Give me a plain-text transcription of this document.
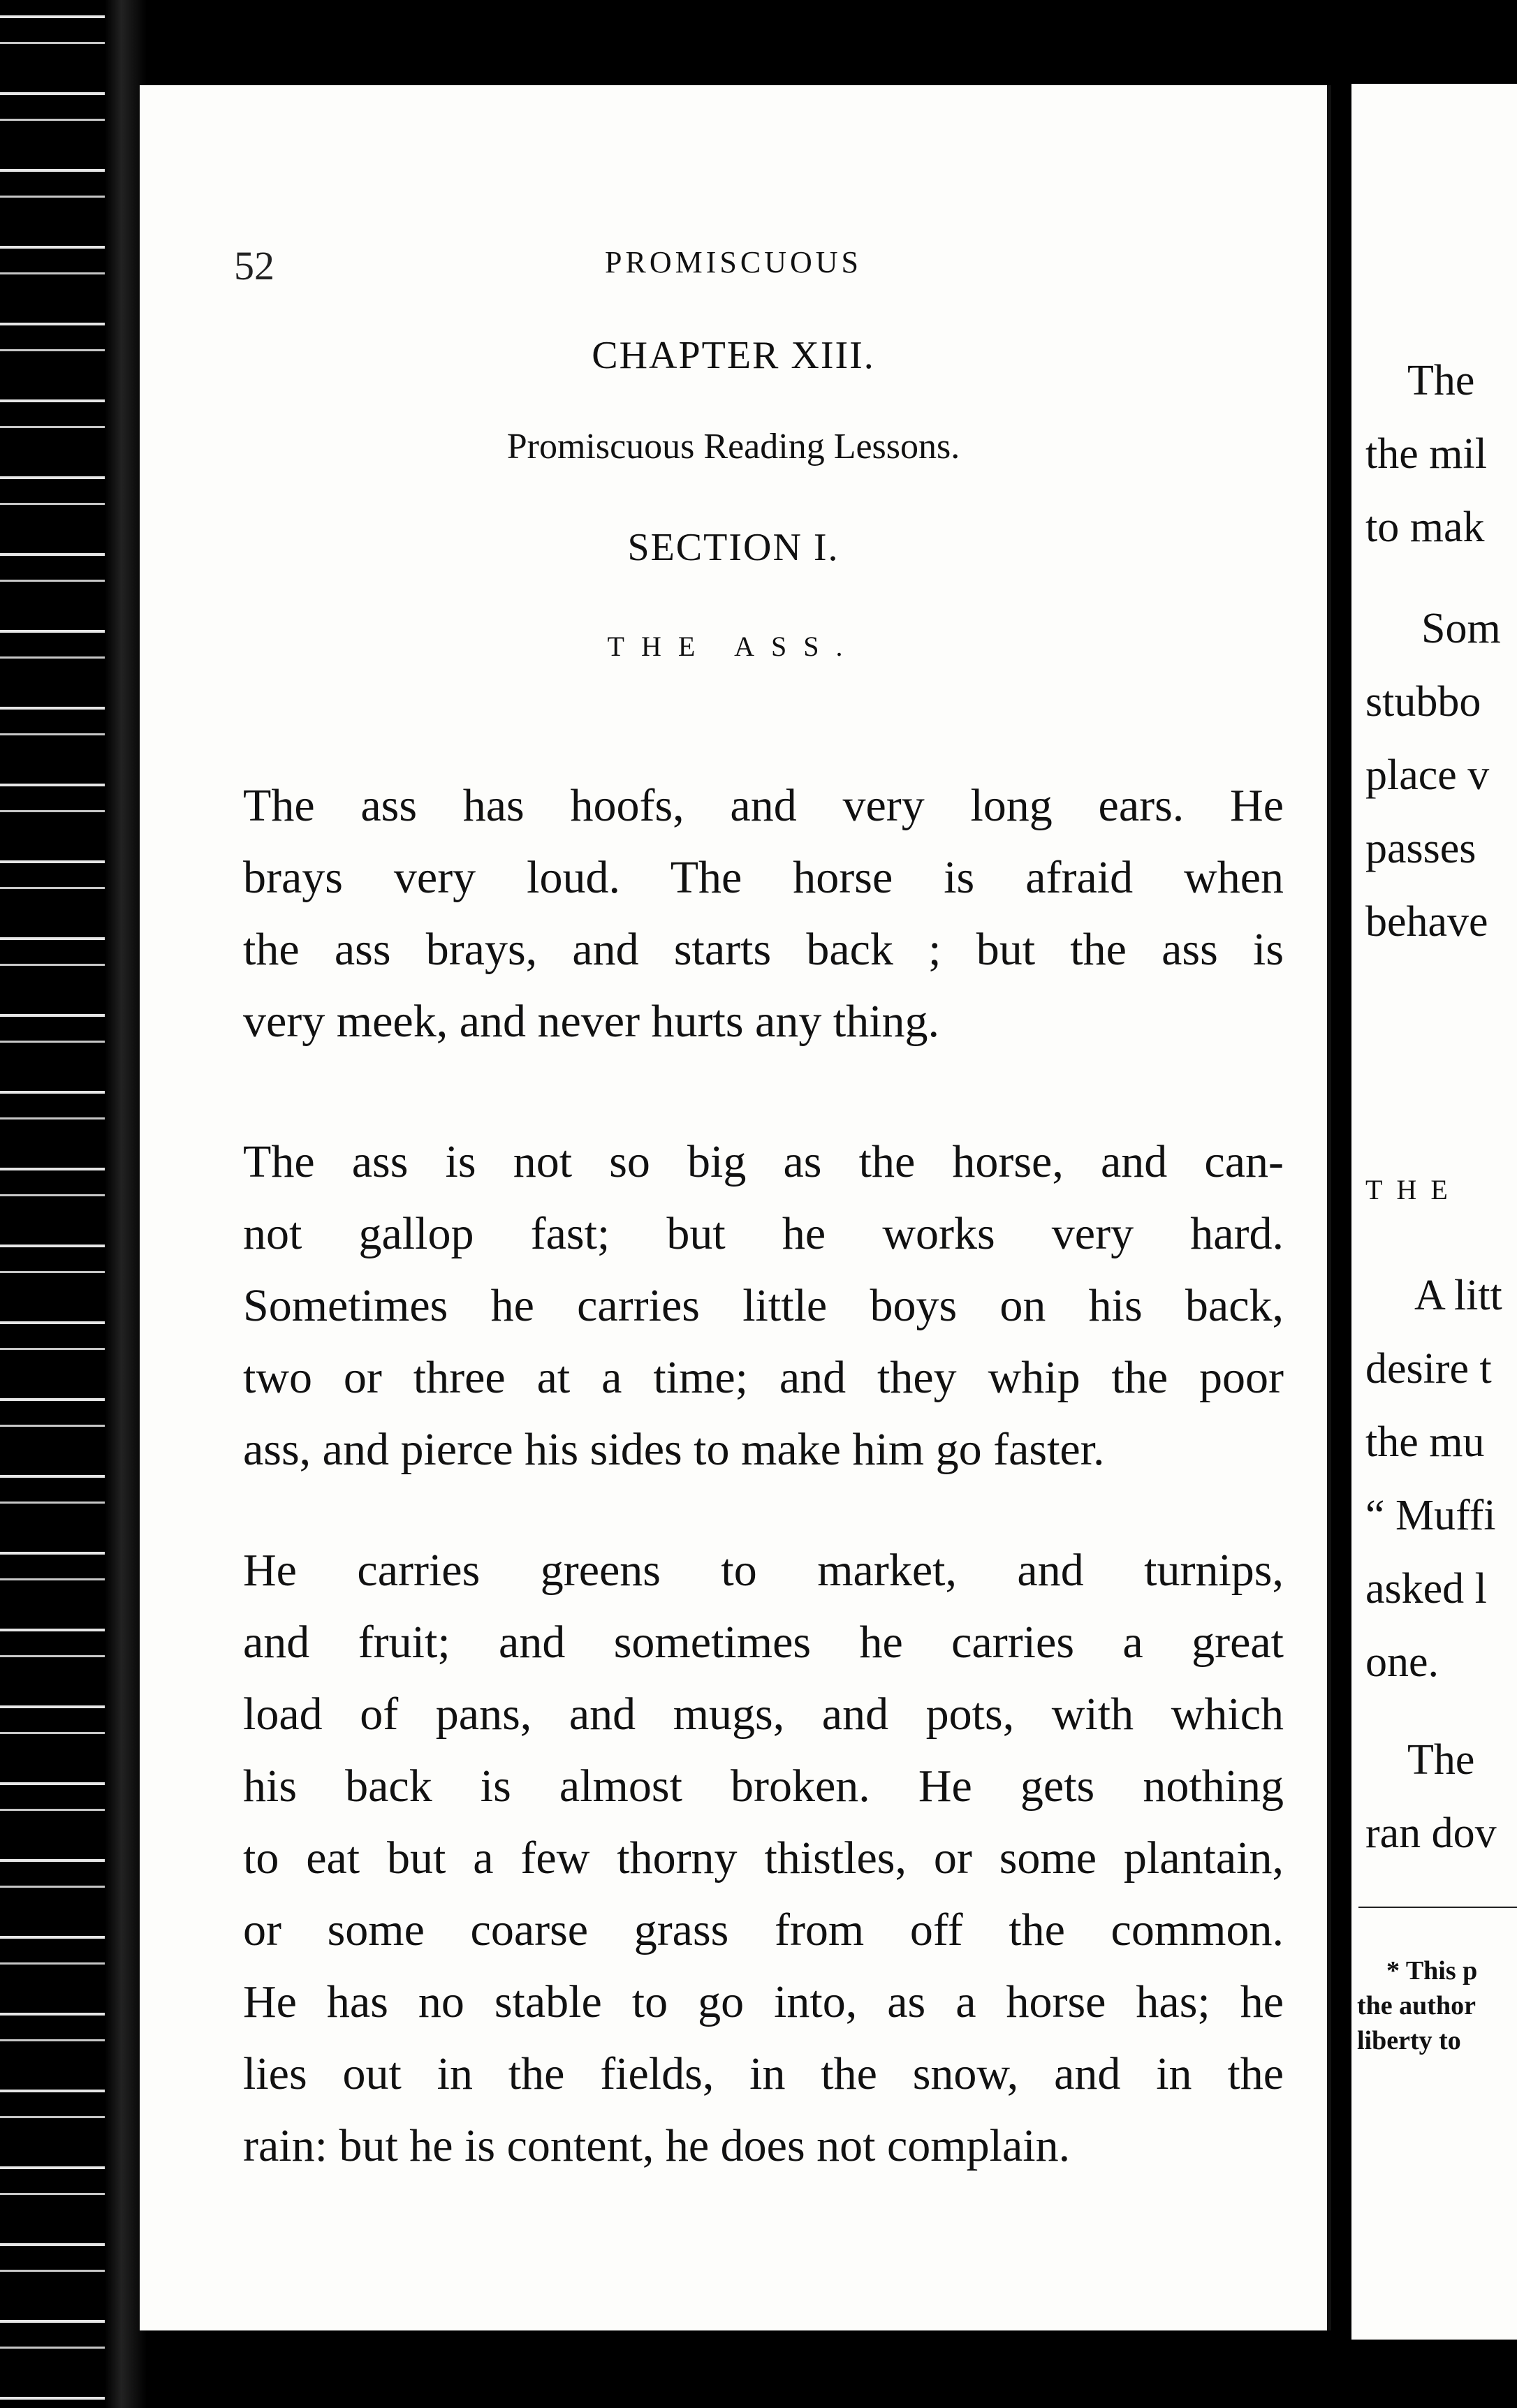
52	PROMISCUOUS
CHAPTER XIII.
Promiscuous Reading Lessons.
SECTION I.
THE ASS.
The ass has hoofs, and very long ears. He
brays very loud. The horse is afraid when
the ass brays, and starts back ; but the ass is
very meek, and never hurts any thing.
The ass is not so big as the horse, and can-
not gallop fast; but he works very hard.
Sometimes he carries little boys on his back,
two or three at a time; and they whip the poor
ass, and pierce his sides to make him go faster.
He carries greens to market, and turnips,
and fruit; and sometimes he carries a great
load of pans, and mugs, and pots, with which
his back is almost broken. He gets nothing
to eat but a few thorny thistles, or some plantain,
or some coarse grass from off the common.
He has no stable to go into, as a horse has; he
lies out in the fields, in the snow, and in the
rain: but he is content, he does not complain.
The
the mil
to mak
Som
stubbo
place v
passes
behave
THE
A litt
desire t
the mu
“ Muffi
asked l
one.
The
ran dov
* This p
the author
liberty to
